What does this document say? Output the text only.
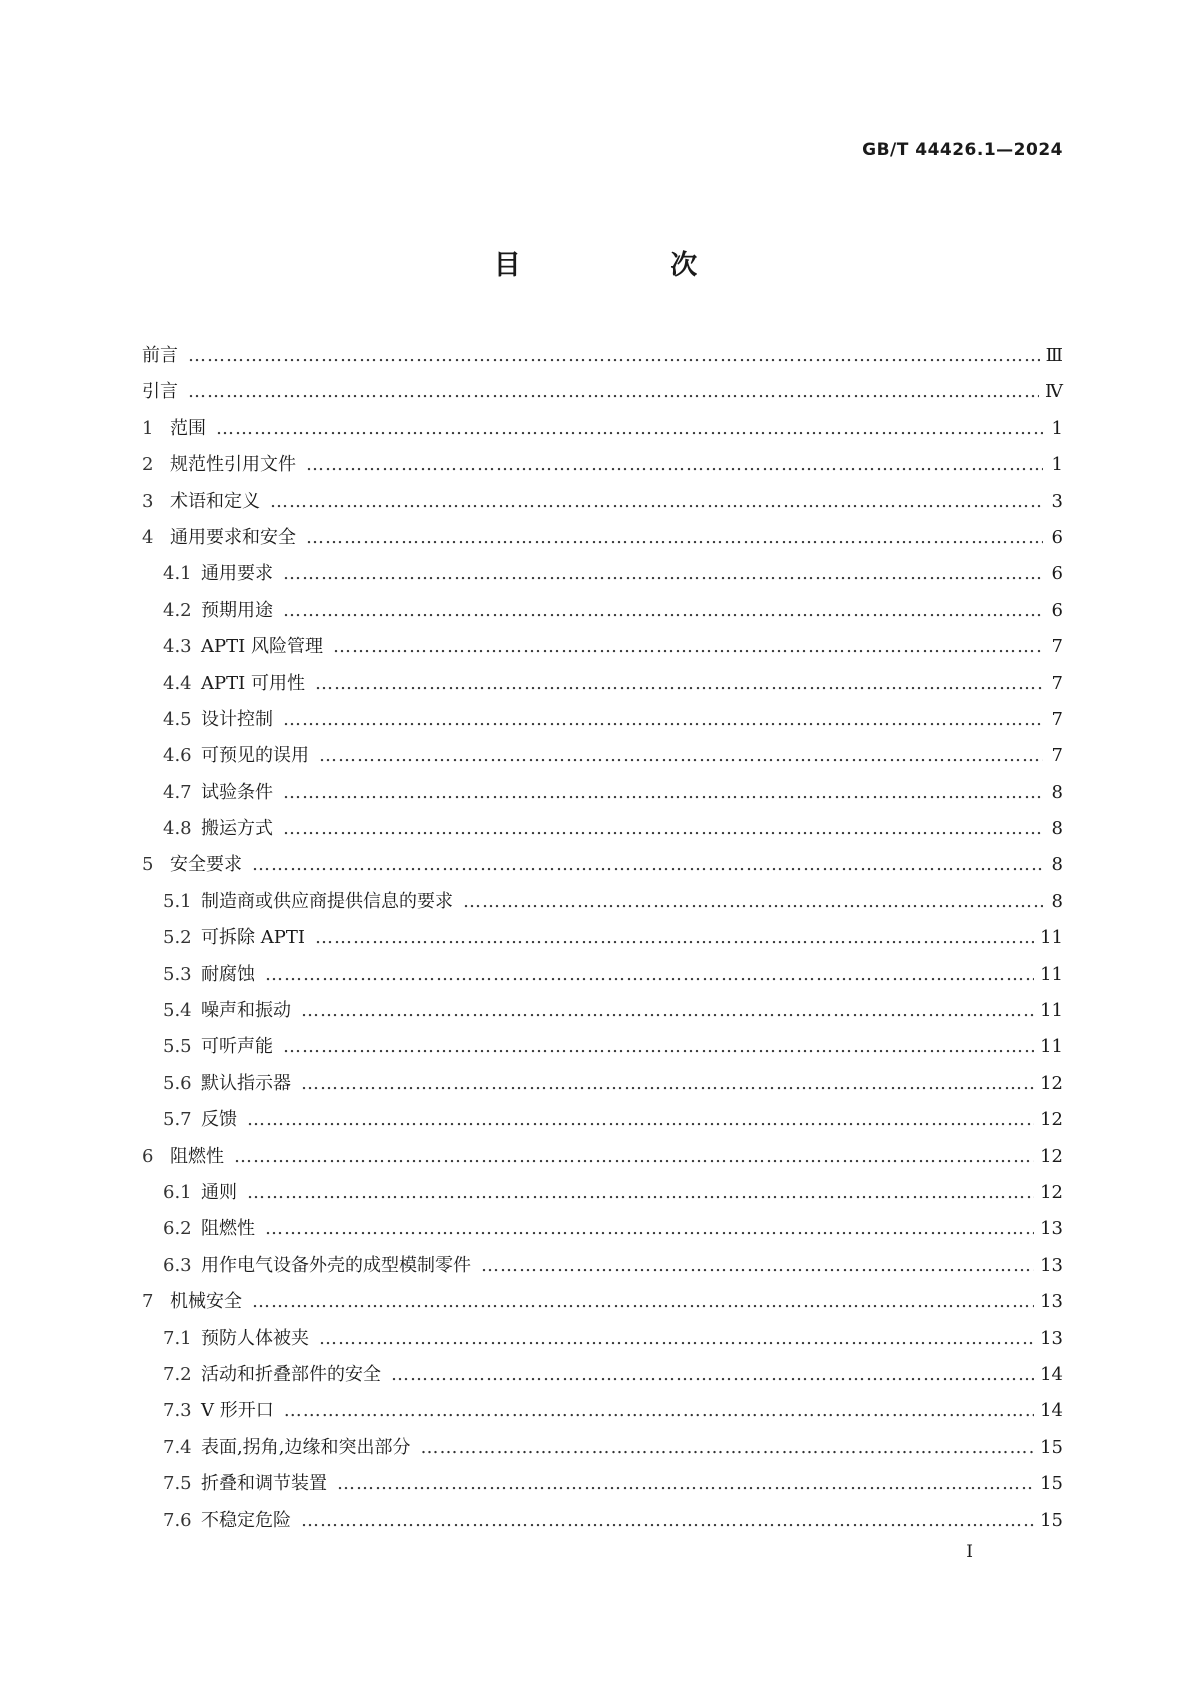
GB/T 44426.1—2024
目 次
前言 ………………………………………………………………………………………………………………………………………………………………………………………………………	Ⅲ
引言 ………………………………………………………………………………………………………………………………………………………………………………………………………	Ⅳ
1 范围 ………………………………………………………………………………………………………………………………………………………………………………………………………	1
2 规范性引用文件 ………………………………………………………………………………………………………………………………………………………………………………………………………	1
3 术语和定义 ………………………………………………………………………………………………………………………………………………………………………………………………………	3
4 通用要求和安全 ………………………………………………………………………………………………………………………………………………………………………………………………………	6
4.1 通用要求 ………………………………………………………………………………………………………………………………………………………………………………………………………	6
4.2 预期用途 ………………………………………………………………………………………………………………………………………………………………………………………………………	6
4.3 APTI 风险管理 ………………………………………………………………………………………………………………………………………………………………………………………………………	7
4.4 APTI 可用性 ………………………………………………………………………………………………………………………………………………………………………………………………………	7
4.5 设计控制 ………………………………………………………………………………………………………………………………………………………………………………………………………	7
4.6 可预见的误用 ………………………………………………………………………………………………………………………………………………………………………………………………………	7
4.7 试验条件 ………………………………………………………………………………………………………………………………………………………………………………………………………	8
4.8 搬运方式 ………………………………………………………………………………………………………………………………………………………………………………………………………	8
5 安全要求 ………………………………………………………………………………………………………………………………………………………………………………………………………	8
5.1 制造商或供应商提供信息的要求 ………………………………………………………………………………………………………………………………………………………………………………………………………	8
5.2 可拆除 APTI ………………………………………………………………………………………………………………………………………………………………………………………………………	11
5.3 耐腐蚀 ………………………………………………………………………………………………………………………………………………………………………………………………………	11
5.4 噪声和振动 ………………………………………………………………………………………………………………………………………………………………………………………………………	11
5.5 可听声能 ………………………………………………………………………………………………………………………………………………………………………………………………………	11
5.6 默认指示器 ………………………………………………………………………………………………………………………………………………………………………………………………………	12
5.7 反馈 ………………………………………………………………………………………………………………………………………………………………………………………………………	12
6 阻燃性 ………………………………………………………………………………………………………………………………………………………………………………………………………	12
6.1 通则 ………………………………………………………………………………………………………………………………………………………………………………………………………	12
6.2 阻燃性 ………………………………………………………………………………………………………………………………………………………………………………………………………	13
6.3 用作电气设备外壳的成型模制零件 ………………………………………………………………………………………………………………………………………………………………………………………………………	13
7 机械安全 ………………………………………………………………………………………………………………………………………………………………………………………………………	13
7.1 预防人体被夹 ………………………………………………………………………………………………………………………………………………………………………………………………………	13
7.2 活动和折叠部件的安全 ………………………………………………………………………………………………………………………………………………………………………………………………………	14
7.3 V 形开口 ………………………………………………………………………………………………………………………………………………………………………………………………………	14
7.4 表面,拐角,边缘和突出部分 ………………………………………………………………………………………………………………………………………………………………………………………………………	15
7.5 折叠和调节装置 ………………………………………………………………………………………………………………………………………………………………………………………………………	15
7.6 不稳定危险 ………………………………………………………………………………………………………………………………………………………………………………………………………	15
Ⅰ
